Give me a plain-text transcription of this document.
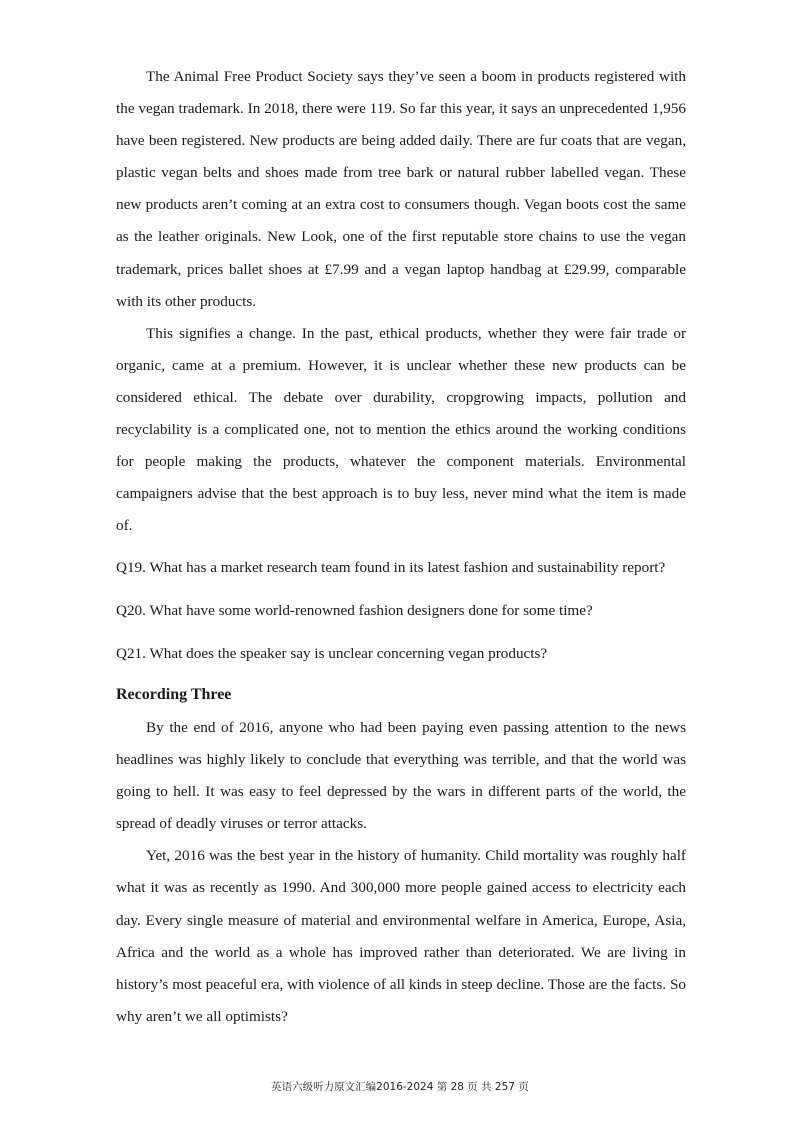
The Animal Free Product Society says they’ve seen a boom in products registered with the vegan trademark. In 2018, there were 119. So far this year, it says an unprecedented 1,956 have been registered. New products are being added daily. There are fur coats that are vegan, plastic vegan belts and shoes made from tree bark or natural rubber labelled vegan. These new products aren’t coming at an extra cost to consumers though. Vegan boots cost the same as the leather originals. New Look, one of the first reputable store chains to use the vegan trademark, prices ballet shoes at £7.99 and a vegan laptop handbag at £29.99, comparable with its other products.

This signifies a change. In the past, ethical products, whether they were fair trade or organic, came at a premium. However, it is unclear whether these new products can be considered ethical. The debate over durability, cropgrowing impacts, pollution and recyclability is a complicated one, not to mention the ethics around the working conditions for people making the products, whatever the component materials. Environmental campaigners advise that the best approach is to buy less, never mind what the item is made of.

Q19. What has a market research team found in its latest fashion and sustainability report?

Q20. What have some world-renowned fashion designers done for some time?

Q21. What does the speaker say is unclear concerning vegan products?

Recording Three

By the end of 2016, anyone who had been paying even passing attention to the news headlines was highly likely to conclude that everything was terrible, and that the world was going to hell. It was easy to feel depressed by the wars in different parts of the world, the spread of deadly viruses or terror attacks.

Yet, 2016 was the best year in the history of humanity. Child mortality was roughly half what it was as recently as 1990. And 300,000 more people gained access to electricity each day. Every single measure of material and environmental welfare in America, Europe, Asia, Africa and the world as a whole has improved rather than deteriorated. We are living in history’s most peaceful era, with violence of all kinds in steep decline. Those are the facts. So why aren’t we all optimists?

英语六级听力原文汇编2016-2024 第 28 页 共 257 页
